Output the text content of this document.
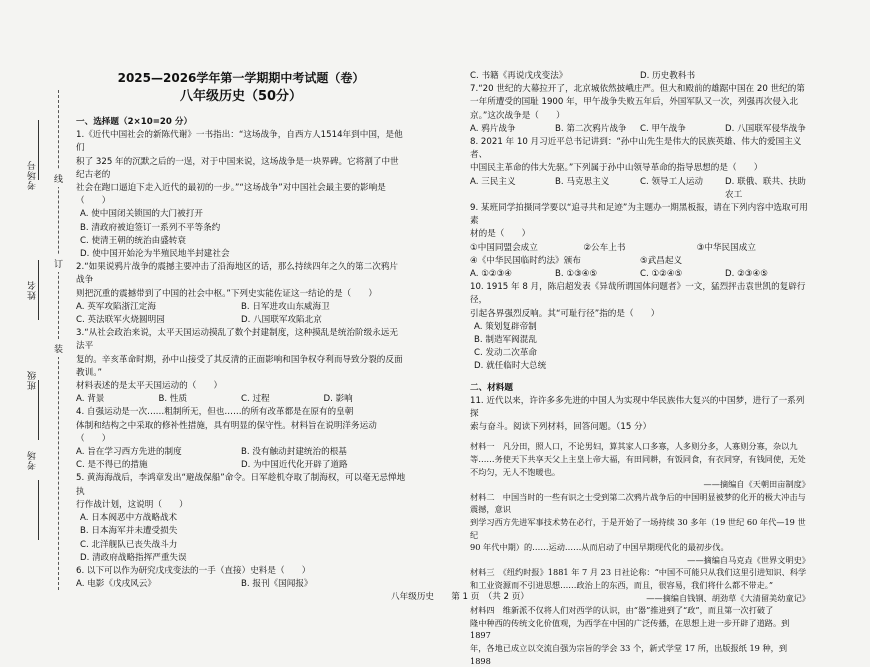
考场号
姓名
班级
考场
线
订
装
2025—2026学年第一学期期中考试题（卷）
八年级历史（50分）
一、选择题（2×10=20 分）
1.《近代中国社会的新陈代谢》一书指出：“这场战争，自西方人1514年到中国，是他们
积了 325 年的沉默之后的一逞，对于中国来说，这场战争是一块界碑。它将割了中世纪古老的
社会在跑口逼迫下走入近代的最初的一步。”“这场战争”对中国社会最主要的影响是（　　）
A. 使中国闭关锁国的大门被打开
B. 清政府被迫签订一系列不平等条约
C. 使清王朝的统治由盛转衰
D. 使中国开始沦为半殖民地半封建社会
2.“如果说鸦片战争的震撼主要冲击了沿海地区的话，那么持续四年之久的第二次鸦片战争
则把沉重的震撼带到了中国的社会中枢。”下列史实能佐证这一结论的是（　　）
A. 英军攻陷浙江定海	B. 日军进攻山东威海卫
C. 英法联军火烧圆明园	D. 八国联军攻陷北京
3.“从社会政治来说，太平天国运动摸乱了数个封建制度，这种摸乱是统治阶级永远无法平
复的。辛亥革命时期，孙中山接受了其反清的正面影响和国争权夺利而导致分裂的反面教训。”
材料表述的是太平天国运动的（　　）
A. 背景	B. 性质	C. 过程	D. 影响
4. 自强运动是一次……粗制所无，但也……的所有改革都是在原有的皇朝
体制和结构之中采取的修补性措施，具有明显的保守性。材料旨在说明洋务运动（　　）
A. 旨在学习西方先进的制度	B. 没有触动封建统治的根基
C. 是不得已的措施	D. 为中国近代化开辟了道路
5. 黄海海战后，李鸿章发出“避战保船”命令。日军趁机夺取了制海权，可以毫无忌惮地执
行作战计划，这说明（　　）
A. 日本阀恶中方战略战术
B. 日本海军并未遭受损失
C. 北洋舰队已丧失战斗力
D. 清政府战略指挥严重失误
6. 以下可以作为研究戊戌变法的一手（直接）史料是（　　）
A. 电影《戊戌风云》	B. 报刊《国闻报》
C. 书籍《再说戊戌变法》	D. 历史教科书
7.“20 世纪的大幕拉开了，北京城依然披峨庄严。但大和殿前的雄踞中国在 20 世纪的第
一年所遭受的国耻 1900 年，甲午战争失败五年后，外国军队又一次，列强再次侵入北京。”这次战争是（　　）
A. 鸦片战争	B. 第二次鸦片战争	C. 甲午战争	D. 八国联军侵华战争
8. 2021 年 10 月习近平总书记讲到：“孙中山先生是伟大的民族英雄、伟大的爱国主义者、
中国民主革命的伟大先驱。”下列属于孙中山领导革命的指导思想的是（　　）
A. 三民主义	B. 马克思主义	C. 领导工人运动	D. 联俄、联共、扶助农工
9. 某班同学拍摄同学要以“追寻共和足迹”为主题办一期黑板报，请在下列内容中选取可用素
材的是（　　）
①中国同盟会成立	②公车上书	③中华民国成立
④《中华民国临时约法》颁布	⑤武昌起义
A. ①②③④	B. ①③④⑤	C. ①②④⑤	D. ②③④⑤
10. 1915 年 8 月，陈启超发表《异哉所谓国体问题者》一文，猛烈抨击袁世凯的复辟行径，
引起各界强烈反响。其“可耻行径”指的是（　　）
A. 策划复辟帝制
B. 制造军阀混乱
C. 发动二次革命
D. 就任临时大总统
二、材料题
11. 近代以来，许许多多先进的中国人为实现中华民族伟大复兴的中国梦，进行了一系列探
索与奋斗。阅读下列材料，回答问题。（15 分）
材料一　凡分田，照人口，不论男妇，算其家人口多寡，人多则分多，人寡则分寡，杂以九
等……务使天下共享天父上主皇上帝大福，有田同耕，有饭同食，有衣同穿，有钱同使，无处
不均匀，无人不饱暖也。
——摘编自《天朝田亩制度》
材料二　中国当时的一些有识之士受到第二次鸦片战争后的中国明显被梦的化开的极大冲击与震撼，意识
到学习西方先进军事技术势在必行，于是开始了一场持续 30 多年（19 世纪 60 年代—19 世纪
90 年代中期）的……运动……从而启动了中国早期现代化的最初步伐。
——摘编自马克垚《世界文明史》
材料三　《纽约时报》1881 年 7 月 23 日社论称：“中国不可能只从我们这里引进知识、科学
和工业资源而不引进思想……政治上的东西，而且，很容易，我们将什么都不带走。”
——摘编自钱钢、胡劲草《大清留美幼童记》
材料四　维新派不仅将人们对西学的认识，由“器”推进到了“政”，而且第一次打破了
隆中种西的传统文化价值观，为西学在中国的广泛传播，在思想上进一步开辟了道路。到 1897
年，各地已成立以交流自强为宗旨的学会 33 个，新式学堂 17 所，出版报纸 19 种，到 1898
八年级历史　　第 1 页　（共 2 页）
